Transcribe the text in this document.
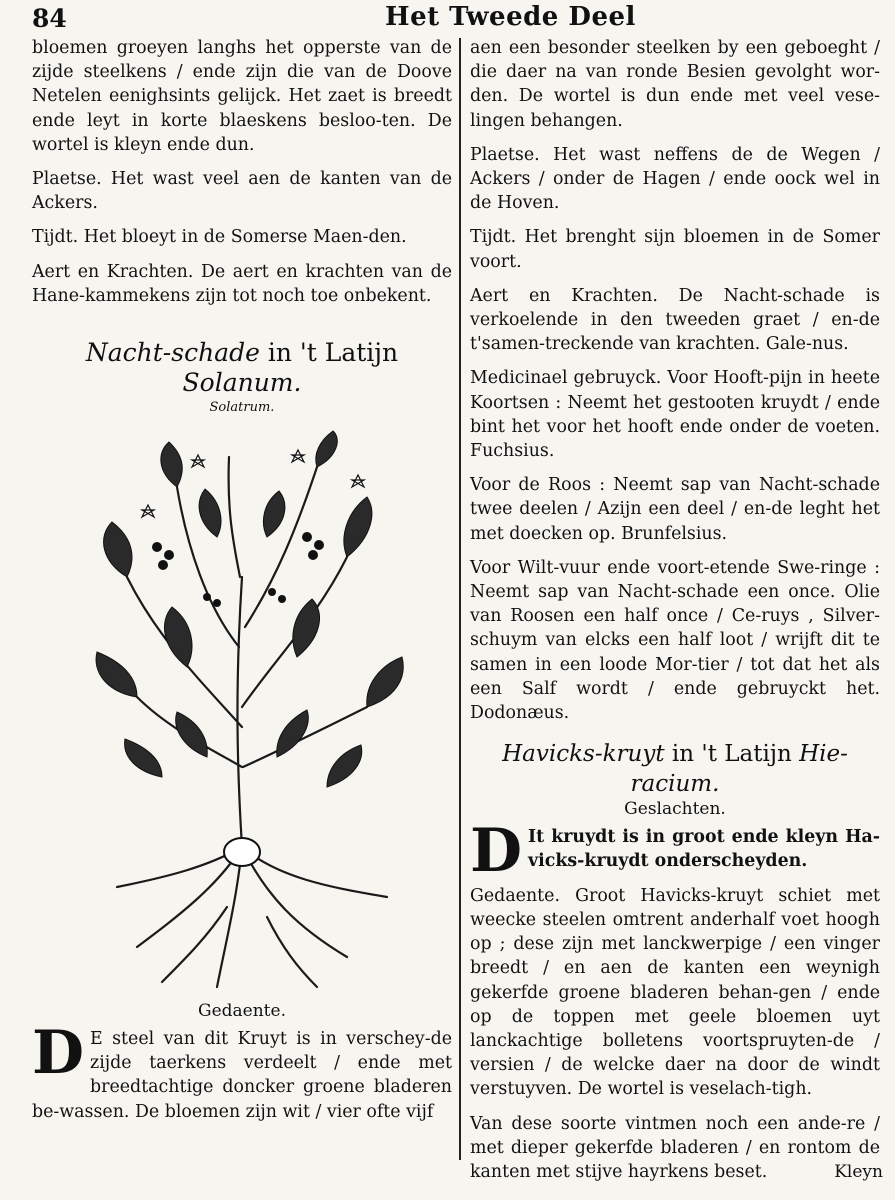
84	Het Tweede Deel

bloemen groeyen langhs het opperste van de zijde steelkens / ende zijn die van de Doove Netelen eenighsints gelijck. Het zaet is breedt ende leyt in korte blaeskens besloo-ten. De wortel is kleyn ende dun.

Plaetse. Het wast veel aen de kanten van de Ackers.

Tijdt. Het bloeyt in de Somerse Maen-den.

Aert en Krachten. De aert en krachten van de Hane-kammekens zijn tot noch toe onbekent.

Nacht-schade in 't Latijn Solanum.
Solatrum.
Gedaente.

D E steel van dit Kruyt is in verschey-de zijde taerkens verdeelt / ende met breedtachtige doncker groene bladeren be-wassen. De bloemen zijn wit / vier ofte vijf

aen een besonder steelken by een geboeght / die daer na van ronde Besien gevolght wor-den. De wortel is dun ende met veel vese-lingen behangen.

Plaetse. Het wast neffens de de Wegen / Ackers / onder de Hagen / ende oock wel in de Hoven.

Tijdt. Het brenght sijn bloemen in de Somer voort.

Aert en Krachten. De Nacht-schade is verkoelende in den tweeden graet / en-de t'samen-treckende van krachten. Gale-nus.

Medicinael gebruyck. Voor Hooft-pijn in heete Koortsen : Neemt het gestooten kruydt / ende bint het voor het hooft ende onder de voeten. Fuchsius.

Voor de Roos : Neemt sap van Nacht-schade twee deelen / Azijn een deel / en-de leght het met doecken op. Brunfelsius.

Voor Wilt-vuur ende voort-etende Swe-ringe : Neemt sap van Nacht-schade een once. Olie van Roosen een half once / Ce-ruys , Silver-schuym van elcks een half loot / wrijft dit te samen in een loode Mor-tier / tot dat het als een Salf wordt / ende gebruyckt het. Dodonæus.

Havicks-kruyt in 't Latijn Hie-racium.
Geslachten.

D It kruydt is in groot ende kleyn Ha-vicks-kruydt onderscheyden.

Gedaente. Groot Havicks-kruyt schiet met weecke steelen omtrent anderhalf voet hoogh op ; dese zijn met lanckwerpige / een vinger breedt / en aen de kanten een weynigh gekerfde groene bladeren behan-gen / ende op de toppen met geele bloemen uyt lanckachtige bolletens voortspruyten-de / versien / de welcke daer na door de windt verstuyven. De wortel is veselach-tigh.

Van dese soorte vintmen noch een ande-re / met dieper gekerfde bladeren / en rontom de kanten met stijve hayrkens beset.	Kleyn
